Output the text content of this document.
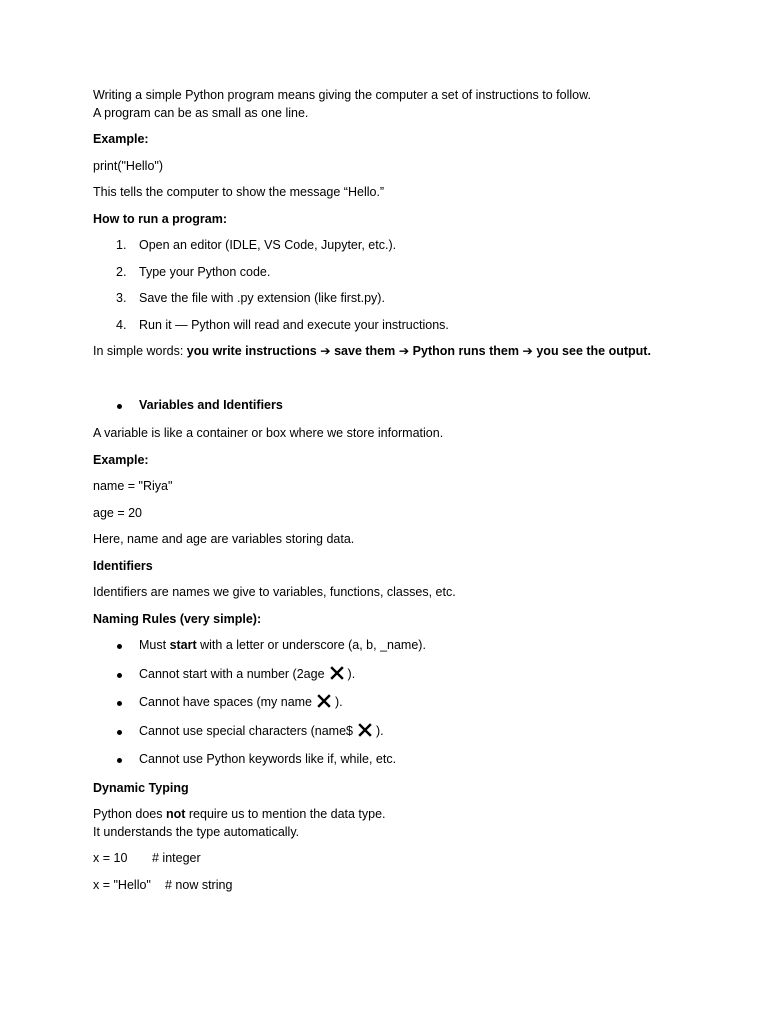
Writing a simple Python program means giving the computer a set of instructions to follow.

A program can be as small as one line.

Example:

print("Hello")

This tells the computer to show the message “Hello.”

How to run a program:

1. Open an editor (IDLE, VS Code, Jupyter, etc.).
2. Type your Python code.
3. Save the file with .py extension (like first.py).
4. Run it — Python will read and execute your instructions.

In simple words: you write instructions ➔ save them ➔ Python runs them ➔ you see the output.

Variables and Identifiers

A variable is like a container or box where we store information.

Example:

name = "Riya"

age = 20

Here, name and age are variables storing data.

Identifiers

Identifiers are names we give to variables, functions, classes, etc.

Naming Rules (very simple):

Must start with a letter or underscore (a, b, _name).
Cannot start with a number (2age ).
Cannot have spaces (my name ).
Cannot use special characters (name$ ).
Cannot use Python keywords like if, while, etc.

Dynamic Typing

Python does not require us to mention the data type.

It understands the type automatically.

x = 10 # integer

x = "Hello" # now string
